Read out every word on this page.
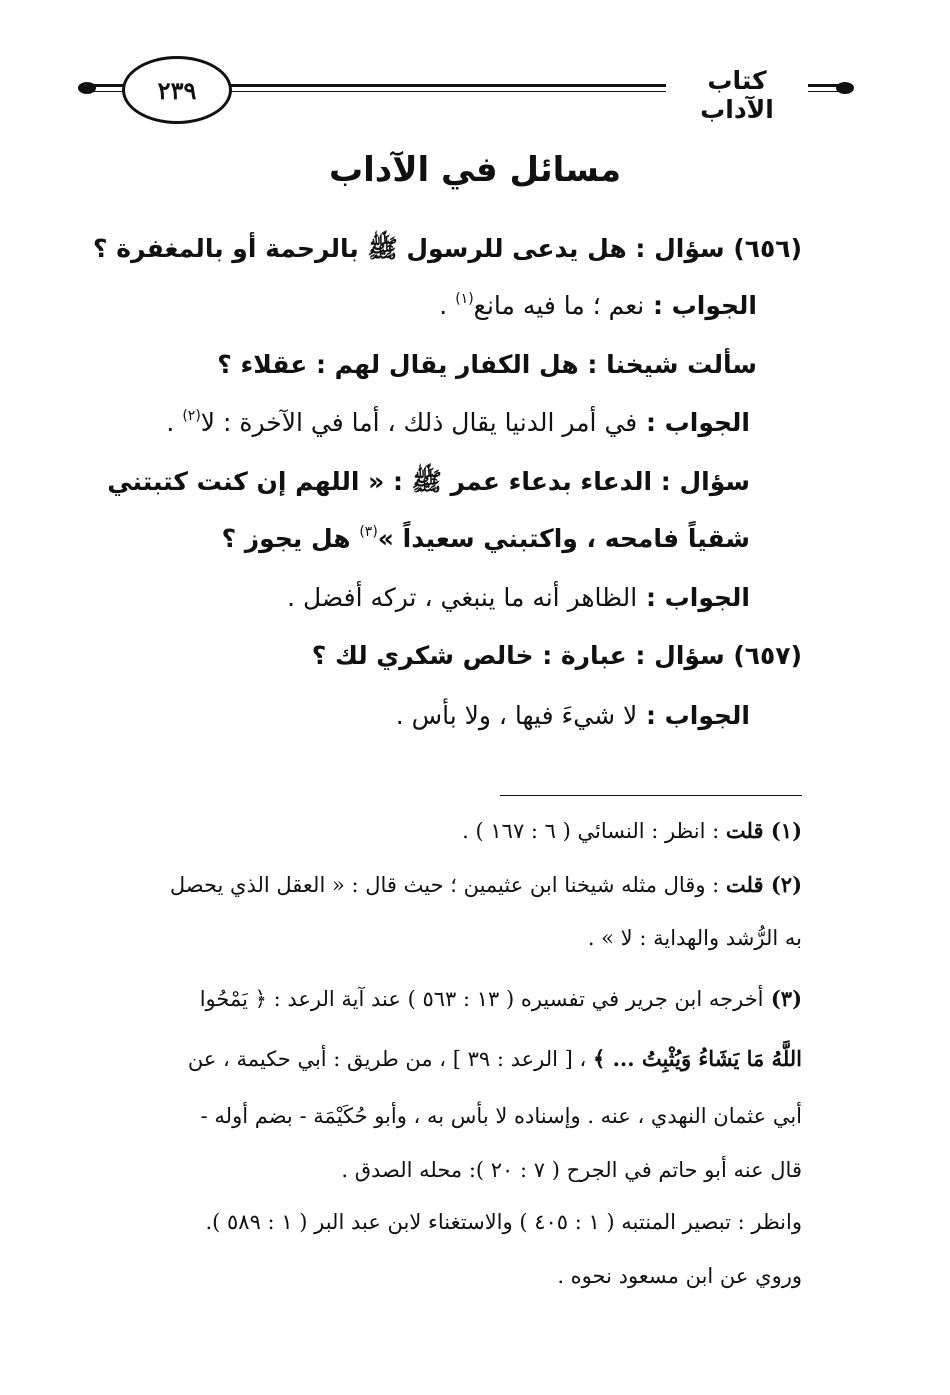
٢٣٩	كتاب الآداب
مسائل في الآداب
(٦٥٦) سؤال : هل يدعى للرسول ﷺ بالرحمة أو بالمغفرة ؟
الجواب : نعم ؛ ما فيه مانع$^{(١)}$ .
سألت شيخنا : هل الكفار يقال لهم : عقلاء ؟
الجواب : في أمر الدنيا يقال ذلك ، أما في الآخرة : لا$^{(٢)}$ .
سؤال : الدعاء بدعاء عمر ﷺ : « اللهم إن كنت كتبتني
شقياً فامحه ، واكتبني سعيداً »$^{(٣)}$ هل يجوز ؟
الجواب : الظاهر أنه ما ينبغي ، تركه أفضل .
(٦٥٧) سؤال : عبارة : خالص شكري لك ؟
الجواب : لا شيءَ فيها ، ولا بأس .
(١) قلت : انظر : النسائي ( ٦ : ١٦٧ ) .
(٢) قلت : وقال مثله شيخنا ابن عثيمين ؛ حيث قال : « العقل الذي يحصل
به الرُّشد والهداية : لا » .
(٣) أخرجه ابن جرير في تفسيره ( ١٣ : ٥٦٣ ) عند آية الرعد : ﴿ يَمْحُوا
اللَّهُ مَا يَشَاءُ وَيُثْبِتُ ... ﴾ ، [ الرعد : ٣٩ ] ، من طريق : أبي حكيمة ، عن
أبي عثمان النهدي ، عنه . وإسناده لا بأس به ، وأبو حُكَيْمَة - بضم أوله -
قال عنه أبو حاتم في الجرح ( ٧ : ٢٠ ): محله الصدق .
وانظر : تبصير المنتبه ( ١ : ٤٠٥ ) والاستغناء لابن عبد البر ( ١ : ٥٨٩ ).
وروي عن ابن مسعود نحوه .
